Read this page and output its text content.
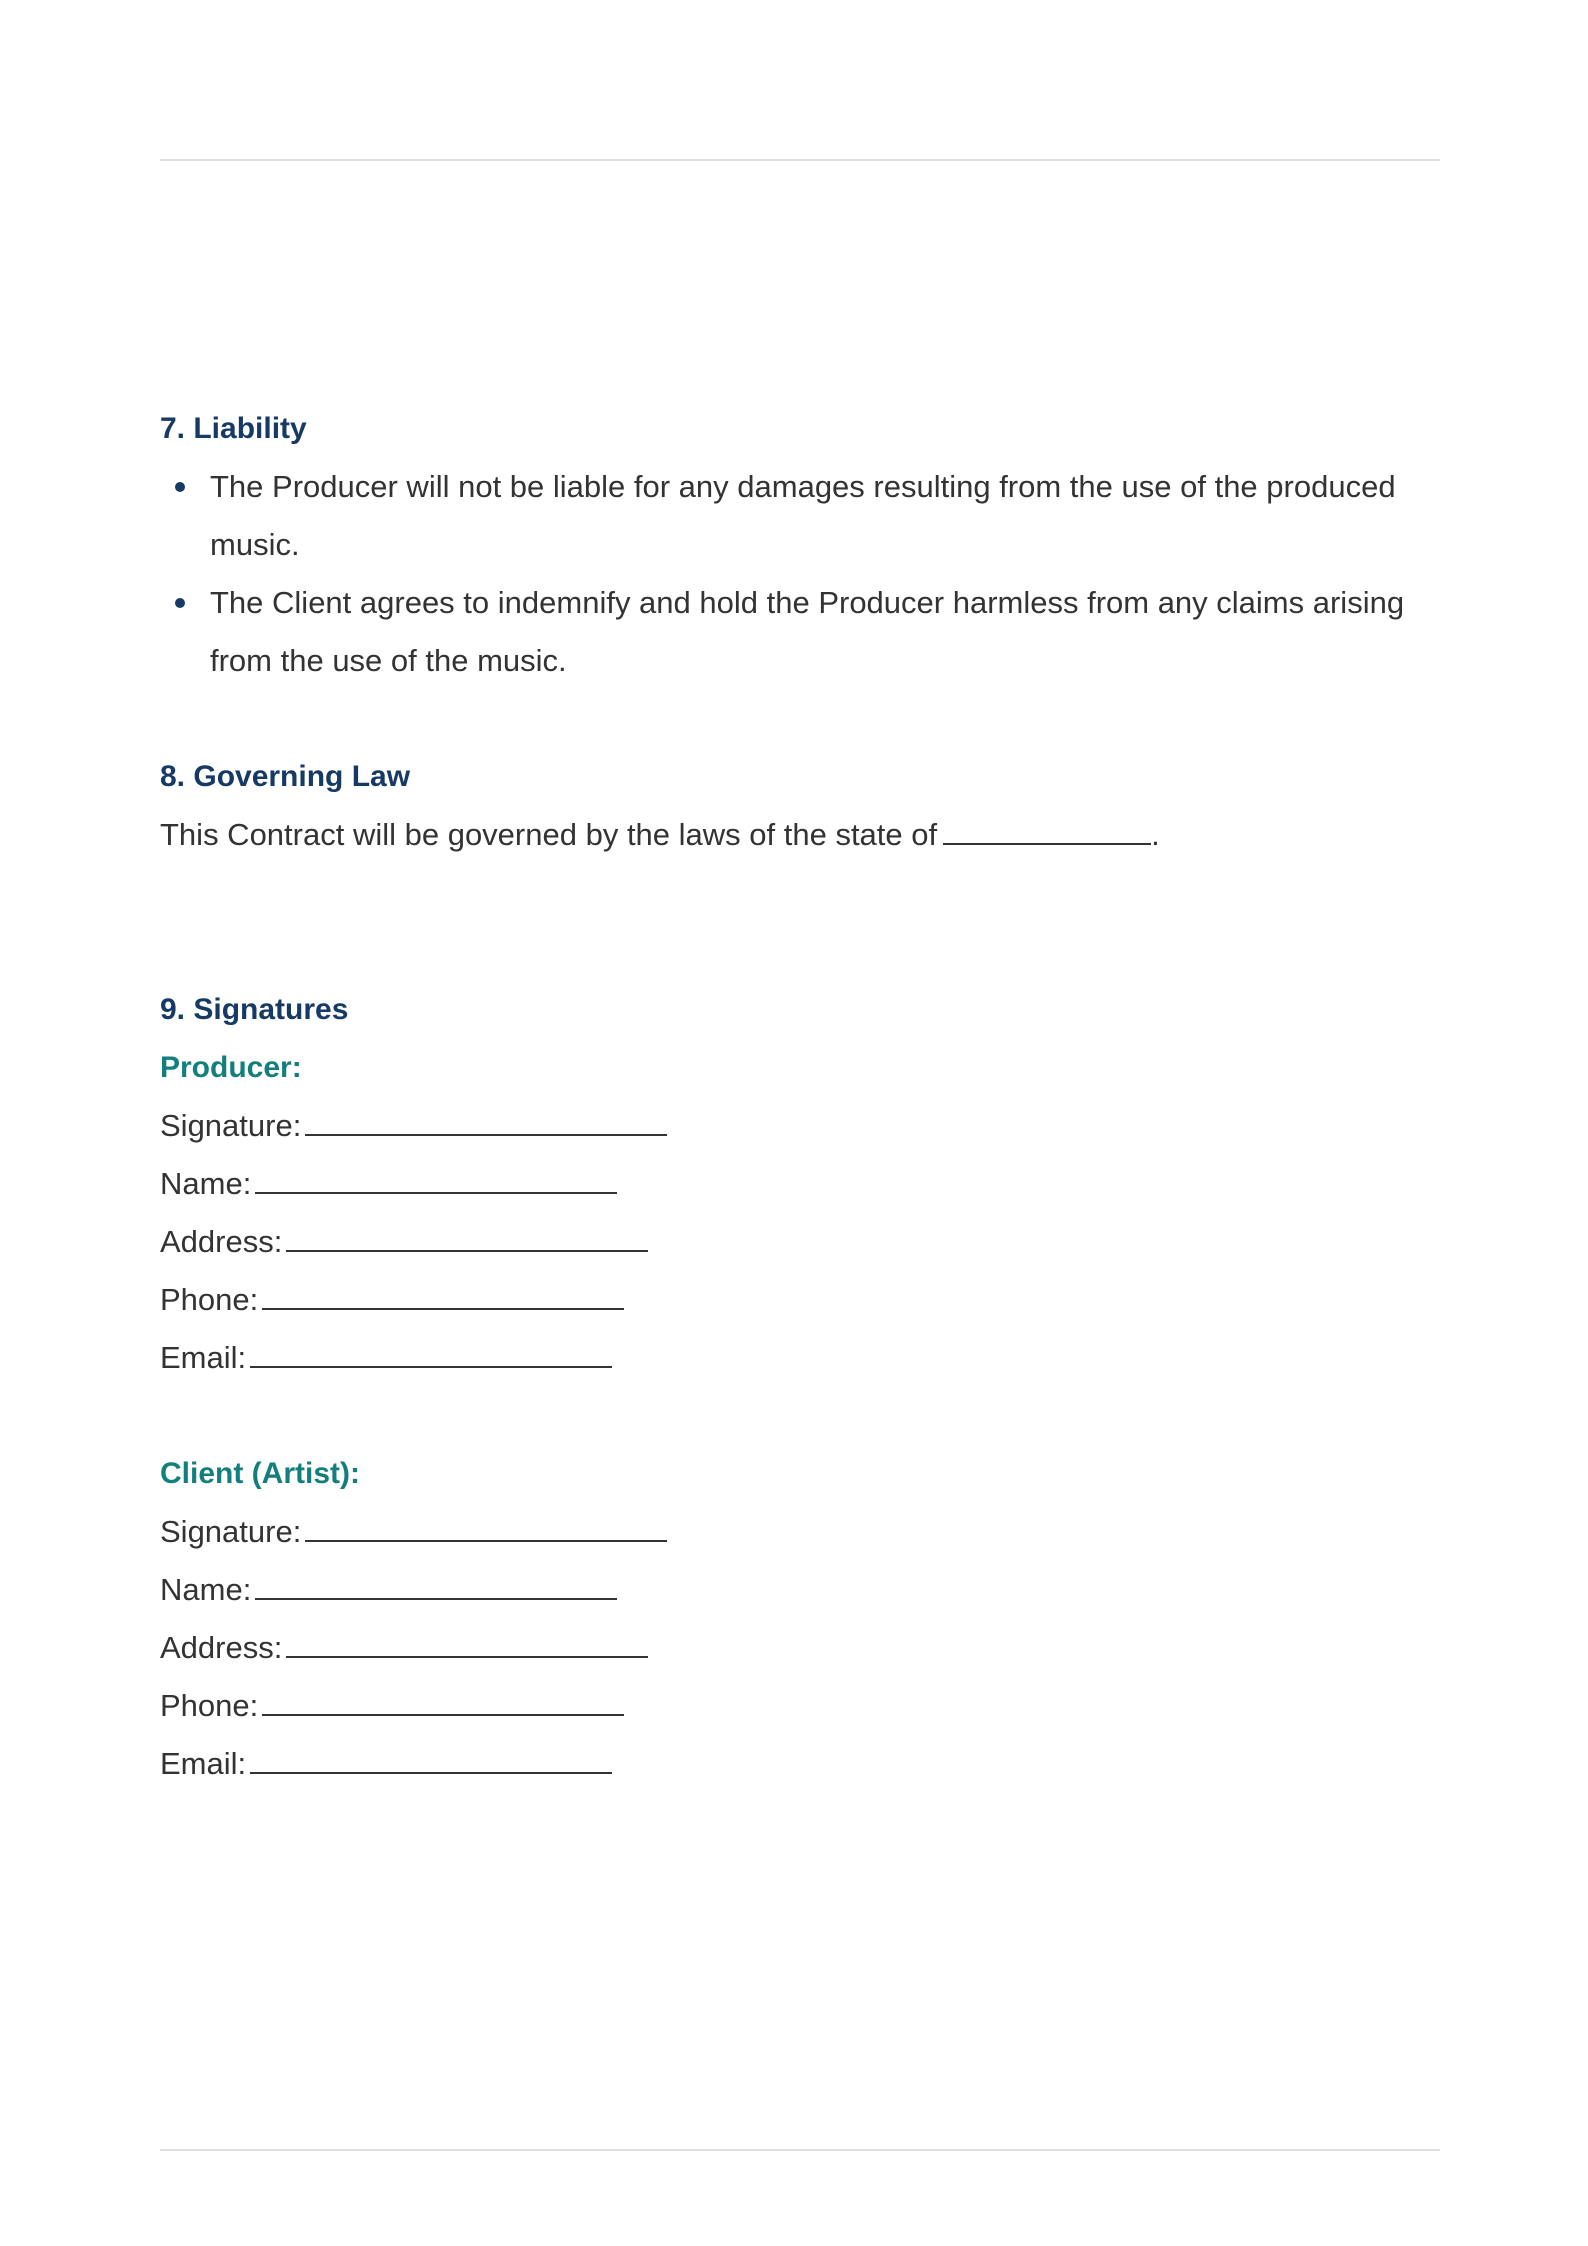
7. Liability
The Producer will not be liable for any damages resulting from the use of the produced music.
The Client agrees to indemnify and hold the Producer harmless from any claims arising from the use of the music.
8. Governing Law

This Contract will be governed by the laws of the state of	.

9. Signatures
Producer:

Signature:

Name:

Address:

Phone:

Email:

Client (Artist):

Signature:

Name:

Address:

Phone:

Email:
